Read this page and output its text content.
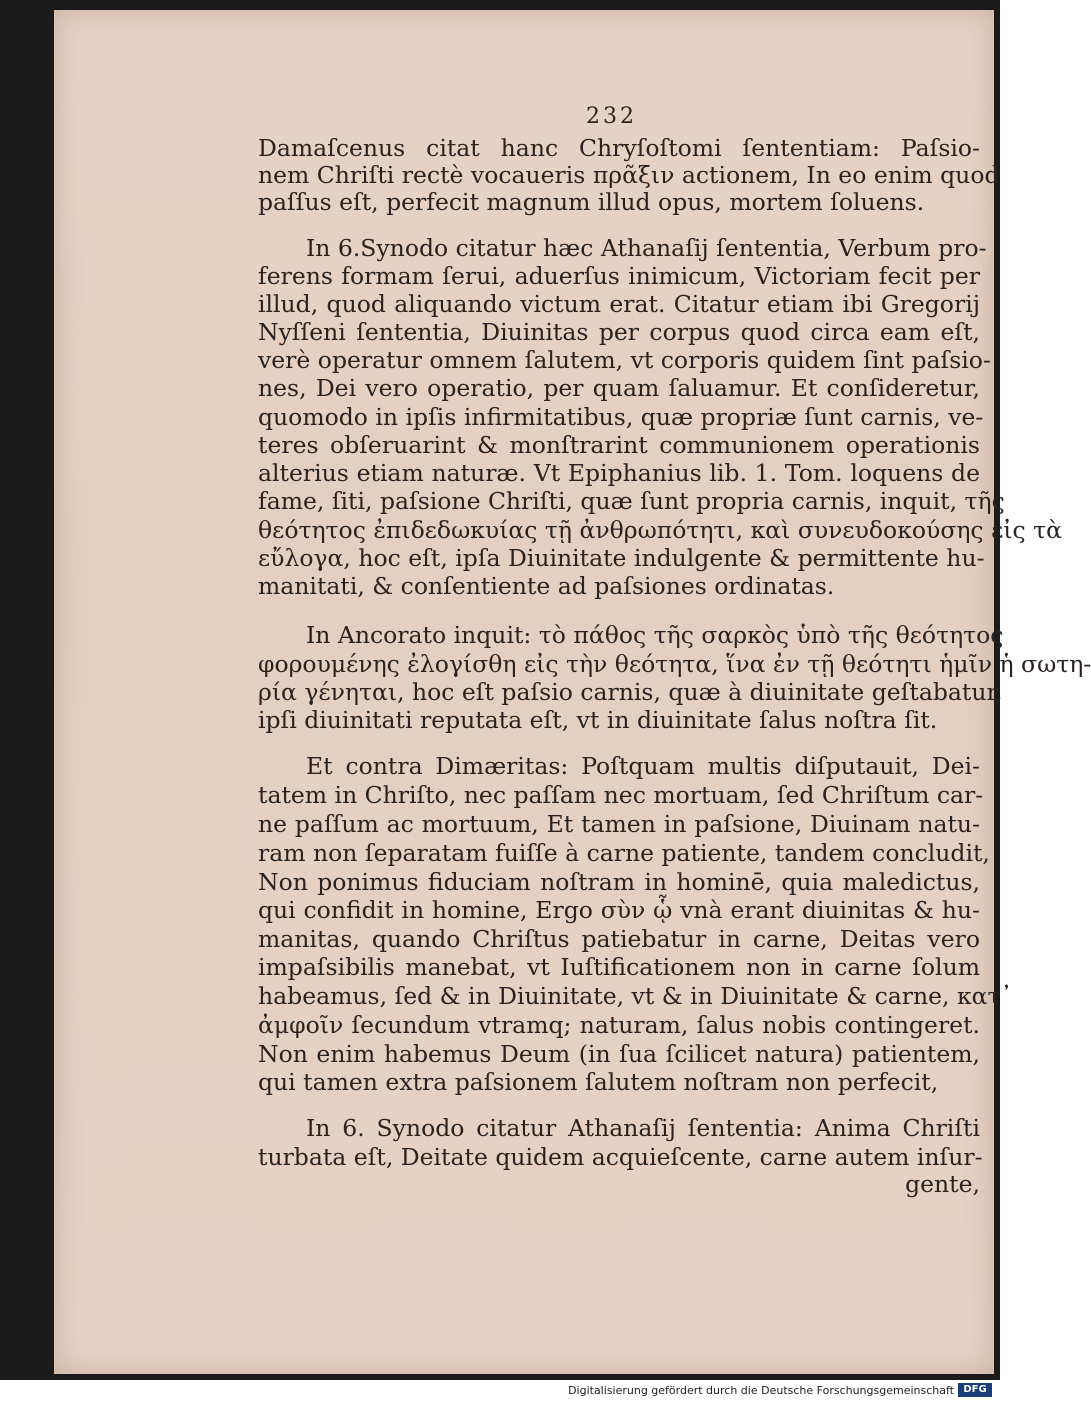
232
Damaſcenus citat hanc Chryſoſtomi ſententiam: Paſsio-
nem Chriſti rectè vocaueris πρᾶξιν actionem, In eo enim quod
paſſus eſt, perfecit magnum illud opus, mortem ſoluens.
In 6.Synodo citatur hæc Athanaſij ſententia, Verbum pro-
ferens formam ſerui, aduerſus inimicum, Victoriam fecit per
illud, quod aliquando victum erat. Citatur etiam ibi Gregorij
Nyſſeni ſententia, Diuinitas per corpus quod circa eam eſt,
verè operatur omnem ſalutem, vt corporis quidem ſint paſsio-
nes, Dei vero operatio, per quam ſaluamur. Et conſideretur,
quomodo in ipſis infirmitatibus, quæ propriæ ſunt carnis, ve-
teres obſeruarint & monſtrarint communionem operationis
alterius etiam naturæ. Vt Epiphanius lib. 1. Tom. loquens de
fame, ſiti, paſsione Chriſti, quæ ſunt propria carnis, inquit, τῆς
θεότητος ἐπιδεδωκυίας τῇ ἀνθρωπότητι, καὶ συνευδοκούσης εἰς τὰ
εὔλογα, hoc eſt, ipſa Diuinitate indulgente & permittente hu-
manitati, & conſentiente ad paſsiones ordinatas.
In Ancorato inquit: τὸ πάθος τῆς σαρκὸς ὑπὸ τῆς θεότητος
φορουμένης ἐλογίσθη εἰς τὴν θεότητα, ἵνα ἐν τῇ θεότητι ἡμῖν ἡ σωτη-
ρία γένηται, hoc eſt paſsio carnis, quæ à diuinitate geſtabatur,
ipſi diuinitati reputata eſt, vt in diuinitate ſalus noſtra ſit.
Et contra Dimæritas: Poſtquam multis diſputauit, Dei-
tatem in Chriſto, nec paſſam nec mortuam, ſed Chriſtum car-
ne paſſum ac mortuum, Et tamen in paſsione, Diuinam natu-
ram non ſeparatam fuiſſe à carne patiente, tandem concludit,
Non ponimus fiduciam noſtram in hominē, quia maledictus,
qui confidit in homine, Ergo σὺν ᾧ vnà erant diuinitas & hu-
manitas, quando Chriſtus patiebatur in carne, Deitas vero
impaſsibilis manebat, vt Iuſtificationem non in carne ſolum
habeamus, ſed & in Diuinitate, vt & in Diuinitate & carne, κατ᾽
ἀμφοῖν ſecundum vtramq; naturam, ſalus nobis contingeret.
Non enim habemus Deum (in ſua ſcilicet natura) patientem,
qui tamen extra paſsionem ſalutem noſtram non perfecit,
In 6. Synodo citatur Athanaſij ſententia: Anima Chriſti
turbata eſt, Deitate quidem acquieſcente, carne autem inſur-
gente,
Digitalisierung gefördert durch die Deutsche Forschungsgemeinschaft DFG
